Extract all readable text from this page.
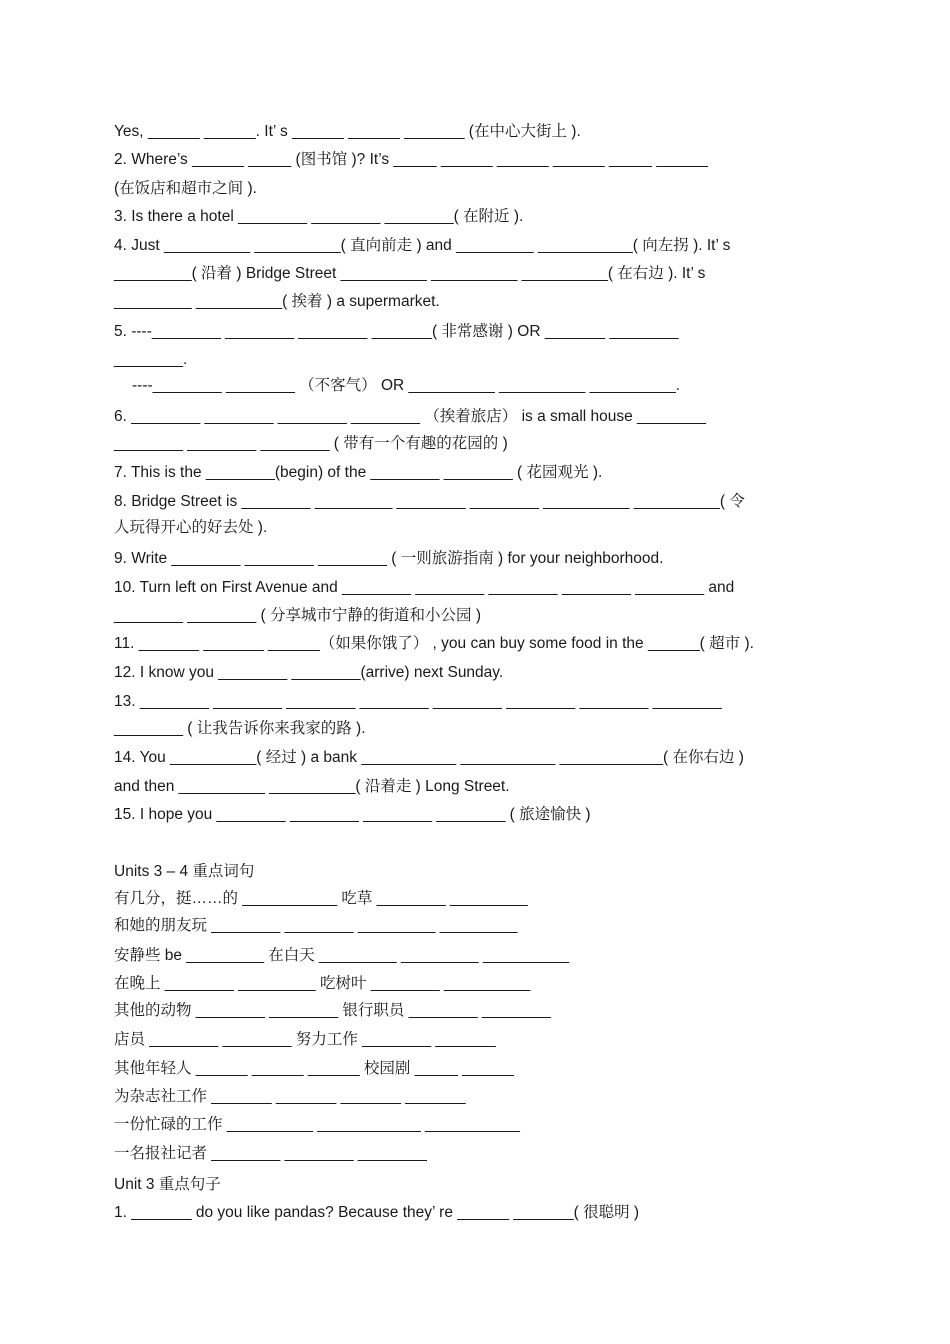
Yes, ______ ______. It’ s ______ ______ _______ (在中心大街上 ).
2. Where’s ______ _____ (图书馆 )? It’s _____ ______ ______ ______ _____ ______
(在饭店和超市之间 ).
3. Is there a hotel ________ ________ ________( 在附近 ).
4. Just __________ __________( 直向前走 ) and _________ ___________( 向左拐 ). It’ s
_________( 沿着 ) Bridge Street __________ __________ __________( 在右边 ). It’ s
_________ __________( 挨着 ) a supermarket.
5. ----________ ________ ________ _______( 非常感谢 ) OR _______ ________
________.
----________ ________ （不客气） OR __________ __________ __________.
6. ________ ________ ________ ________ （挨着旅店） is a small house ________
________ ________ ________ ( 带有一个有趣的花园的 )
7. This is the ________(begin) of the ________ ________ ( 花园观光 ).
8. Bridge Street is ________ _________ ________ ________ __________ __________( 令
人玩得开心的好去处 ).
9. Write ________ ________ ________ ( 一则旅游指南 ) for your neighborhood.
10. Turn left on First Avenue and ________ ________ ________ ________ ________ and
________ ________ ( 分享城市宁静的街道和小公园 )
11. _______ _______ ______（如果你饿了） , you can buy some food in the ______( 超市 ).
12. I know you ________ ________(arrive) next Sunday.
13. ________ ________ ________ ________ ________ ________ ________ ________
________ ( 让我告诉你来我家的路 ).
14. You __________( 经过 ) a bank ___________ ___________ ____________( 在你右边 )
and then __________ __________( 沿着走 ) Long Street.
15. I hope you ________ ________ ________ ________ ( 旅途愉快 )
Units 3 – 4 重点词句
有几分，挺……的 ___________ 吃草 ________ _________
和她的朋友玩 ________ ________ _________ _________
安静些 be _________ 在白天 _________ _________ __________
在晚上 ________ _________ 吃树叶 ________ __________
其他的动物 ________ ________ 银行职员 ________ ________
店员 ________ ________ 努力工作 ________ _______
其他年轻人 ______ ______ ______ 校园剧 _____ ______
为杂志社工作 _______ _______ _______ _______
一份忙碌的工作 __________ ____________ ___________
一名报社记者 ________ ________ ________
Unit 3 重点句子
1. _______ do you like pandas? Because they’ re ______ _______( 很聪明 )
